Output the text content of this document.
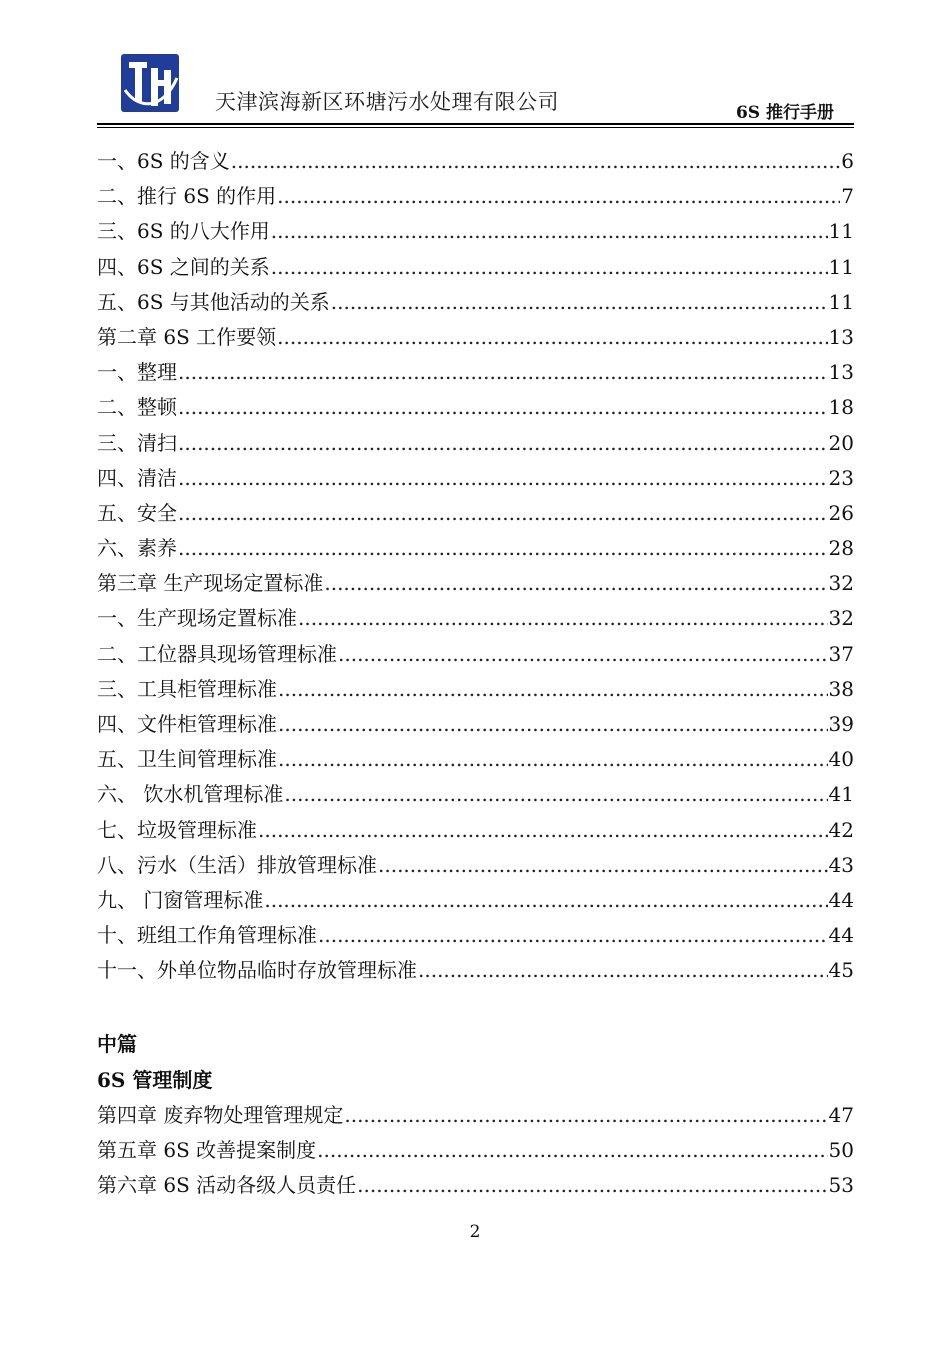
天津滨海新区环塘污水处理有限公司	6S 推行手册
一、6S 的含义 .....	6
二、推行 6S 的作用 .....	7
三、6S 的八大作用 .....	11
四、6S 之间的关系 .....	11
五、6S 与其他活动的关系 .....	11
第二章 6S 工作要领 .....	13
一、整理 .....	13
二、整顿 .....	18
三、清扫 .....	20
四、清洁 .....	23
五、安全 .....	26
六、素养 .....	28
第三章 生产现场定置标准 .....	32
一、生产现场定置标准 .....	32
二、工位器具现场管理标准 .....	37
三、工具柜管理标准 .....	38
四、文件柜管理标准 .....	39
五、卫生间管理标准 .....	40
六、 饮水机管理标准 .....	41
七、垃圾管理标准 .....	42
八、污水（生活）排放管理标准 .....	43
九、 门窗管理标准 .....	44
十、班组工作角管理标准 .....	44
十一、外单位物品临时存放管理标准 .....	45
中篇
6S 管理制度
第四章 废弃物处理管理规定 .....	47
第五章 6S 改善提案制度 .....	50
第六章 6S 活动各级人员责任 .....	53
2
